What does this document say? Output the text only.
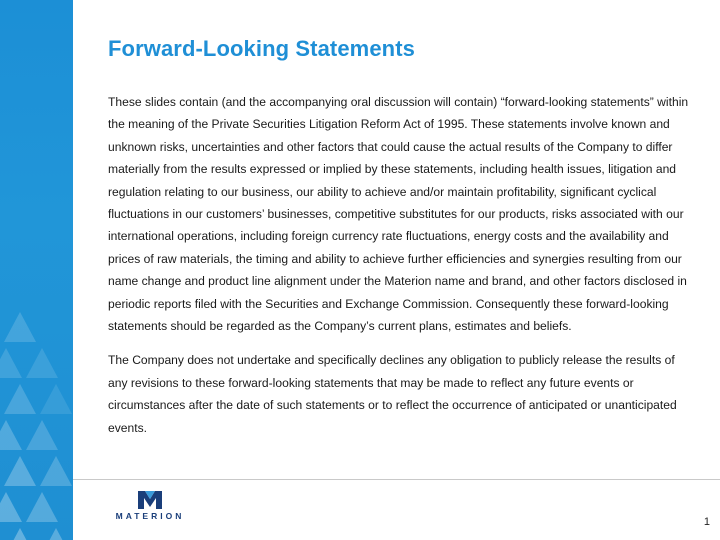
Forward-Looking Statements

These slides contain (and the accompanying oral discussion will contain) “forward-looking statements” within the meaning of the Private Securities Litigation Reform Act of 1995. These statements involve known and unknown risks, uncertainties and other factors that could cause the actual results of the Company to differ materially from the results expressed or implied by these statements, including health issues, litigation and regulation relating to our business, our ability to achieve and/or maintain profitability, significant cyclical fluctuations in our customers’ businesses, competitive substitutes for our products, risks associated with our international operations, including foreign currency rate fluctuations, energy costs and the availability and prices of raw materials, the timing and ability to achieve further efficiencies and synergies resulting from our name change and product line alignment under the Materion name and brand, and other factors disclosed in periodic reports filed with the Securities and Exchange Commission. Consequently these forward-looking statements should be regarded as the Company’s current plans, estimates and beliefs.

The Company does not undertake and specifically declines any obligation to publicly release the results of any revisions to these forward-looking statements that may be made to reflect any future events or circumstances after the date of such statements or to reflect the occurrence of anticipated or unanticipated events.

MATERION	1
